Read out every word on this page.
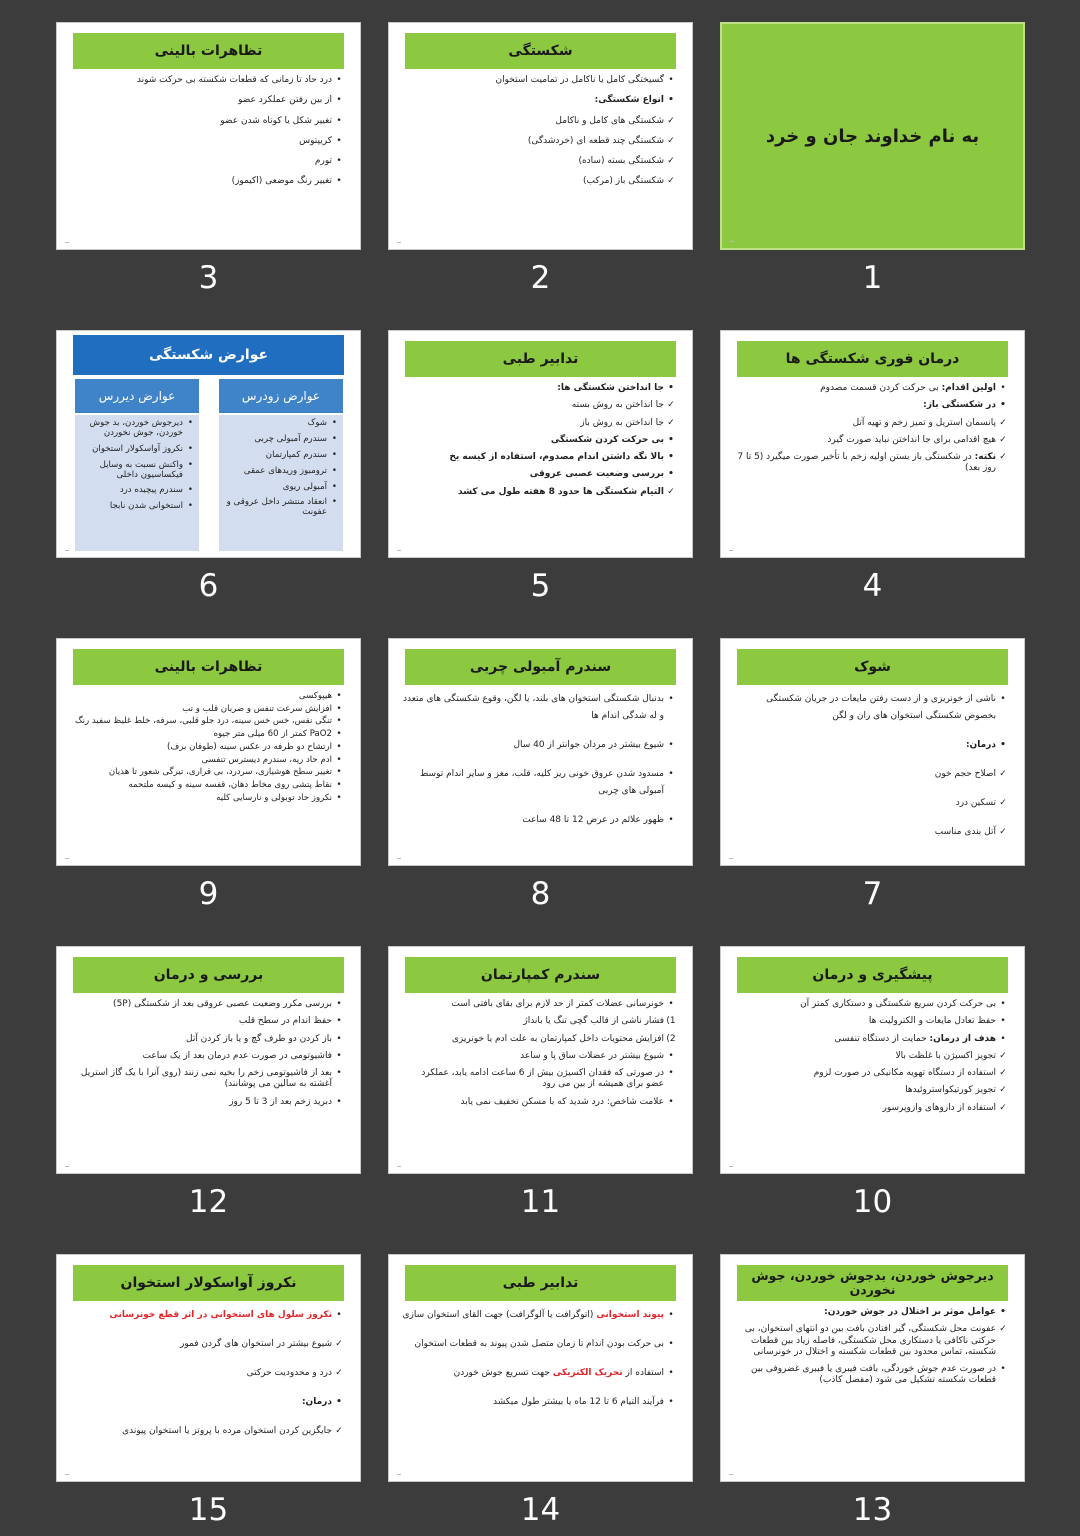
به نام خداوند جان و خرد
1
شکستگی
•
گسیختگی کامل یا ناکامل در تمامیت استخوان
•
انواع شکستگی:
✓
شکستگی های کامل و ناکامل
✓
شکستگی چند قطعه ای (خردشدگی)
✓
شکستگی بسته (ساده)
✓
شکستگی باز (مرکب)
2
تظاهرات بالینی
•
درد حاد تا زمانی که قطعات شکسته بی حرکت شوند
•
از بین رفتن عملکرد عضو
•
تغییر شکل یا کوتاه شدن عضو
•
کریپتوس
•
تورم
•
تغییر رنگ موضعی (اکیموز)
3
درمان فوری شکستگی ها
•
اولین اقدام: بی حرکت کردن قسمت مصدوم
•
در شکستگی باز:
✓
پانسمان استریل و تمیز زخم و تهیه آتل
✓
هیچ اقدامی برای جا انداختن نباید صورت گیرد
✓
نکته: در شکستگی باز بستن اولیه زخم با تأخیر صورت میگیرد (5 تا 7 روز بعد)
4
تدابیر طبی
•
جا انداختن شکستگی ها:
✓
جا انداختن به روش بسته
✓
جا انداختن به روش باز
•
بی حرکت کردن شکستگی
•
بالا نگه داشتن اندام مصدوم، استفاده از کیسه یخ
•
بررسی وضعیت عصبی عروقی
✓
التیام شکستگی ها حدود 8 هفته طول می کشد
5
عوارض شکستگی
عوارض زودرس
•
شوک
•
سندرم آمبولی چربی
•
سندرم کمپارتمان
•
ترومبوز وریدهای عمقی
•
آمبولی ریوی
•
انعقاد منتشر داخل عروقی و عفونت
عوارض دیررس
•
دیرجوش خوردن، بد جوش خوردن، جوش نخوردن
•
نکروز آواسکولار استخوان
•
واکنش نسبت به وسایل فیکساسیون داخلی
•
سندرم پیچیده درد
•
استخوانی شدن نابجا
6
شوک
•
ناشی از خونریزی و از دست رفتن مایعات در جریان شکستگی بخصوص شکستگی استخوان های ران و لگن
•
درمان:
✓
اصلاح حجم خون
✓
تسکین درد
✓
آتل بندی مناسب
7
سندرم آمبولی چربی
•
بدنبال شکستگی استخوان های بلند، یا لگن، وقوع شکستگی های متعدد و له شدگی اندام ها
•
شیوع بیشتر در مردان جوانتر از 40 سال
•
مسدود شدن عروق خونی ریز کلیه، قلب، مغز و سایر اندام توسط آمبولی های چربی
•
ظهور علائم در عرض 12 تا 48 ساعت
8
تظاهرات بالینی
•
هیپوکسی
•
افزایش سرعت تنفس و ضربان قلب و تب
•
تنگی نفس، خس خس سینه، درد جلو قلبی، سرفه، خلط غلیظ سفید رنگ
•
PaO2 کمتر از 60 میلی متر جیوه
•
ارتشاح دو طرفه در عکس سینه (طوفان برف)
•
ادم حاد ریه، سندرم دیسترس تنفسی
•
تغییر سطح هوشیاری، سردرد، بی قراری، تیرگی شعور تا هذیان
•
نقاط پتشی روی مخاط دهان، قفسه سینه و کیسه ملتحمه
•
نکروز حاد توبولی و نارسایی کلیه
9
پیشگیری و درمان
•
بی حرکت کردن سریع شکستگی و دستکاری کمتر آن
•
حفظ تعادل مایعات و الکترولیت ها
•
هدف از درمان: حمایت از دستگاه تنفسی
✓
تجویز اکسیژن با غلظت بالا
✓
استفاده از دستگاه تهویه مکانیکی در صورت لزوم
✓
تجویز کورتیکواستروئیدها
✓
استفاده از داروهای وازوپرسور
10
سندرم کمپارتمان
•
خونرسانی عضلات کمتر از حد لازم برای بقای بافتی است
1)
فشار ناشی از قالب گچی تنگ یا بانداژ
2)
افزایش محتویات داخل کمپارتمان به علت ادم یا خونریزی
•
شیوع بیشتر در عضلات ساق پا و ساعد
•
در صورتی که فقدان اکسیژن بیش از 6 ساعت ادامه یابد، عملکرد عضو برای همیشه از بین می رود
•
علامت شاخص: درد شدید که با مسکن تخفیف نمی یابد
11
بررسی و درمان
•
بررسی مکرر وضعیت عصبی عروقی بعد از شکستگی (5P)
•
حفظ اندام در سطح قلب
•
باز کردن دو طرف گچ و یا باز کردن آتل
•
فاشیوتومی در صورت عدم درمان بعد از یک ساعت
•
بعد از فاشیوتومی زخم را بخیه نمی زنند (روی آنرا با یک گاز استریل آغشته به سالین می پوشانند)
•
دبرید زخم بعد از 3 تا 5 روز
12
دیرجوش خوردن، بدجوش خوردن، جوش نخوردن
•
عوامل موثر بر اختلال در جوش خوردن:
✓
عفونت محل شکستگی، گیر افتادن بافت بین دو انتهای استخوان، بی حرکتی ناکافی یا دستکاری محل شکستگی، فاصله زیاد بین قطعات شکسته، تماس محدود بین قطعات شکسته و اختلال در خونرسانی
•
در صورت عدم جوش خوردگی، بافت فیبری یا فیبری غضروفی بین قطعات شکسته تشکیل می شود (مفصل کاذب)
13
تدابیر طبی
•
پیوند استخوانی (اتوگرافت یا آلوگرافت) جهت القای استخوان سازی
•
بی حرکت بودن اندام تا زمان متصل شدن پیوند به قطعات استخوان
•
استفاده از تحریک الکتریکی جهت تسریع جوش خوردن
•
فرآیند التیام 6 تا 12 ماه یا بیشتر طول میکشد
14
نکروز آواسکولار استخوان
•
نکروز سلول های استخوانی در اثر قطع خونرسانی
✓
شیوع بیشتر در استخوان های گردن فمور
✓
درد و محدودیت حرکتی
•
درمان:
✓
جایگزین کردن استخوان مرده با پروتز یا استخوان پیوندی
15
